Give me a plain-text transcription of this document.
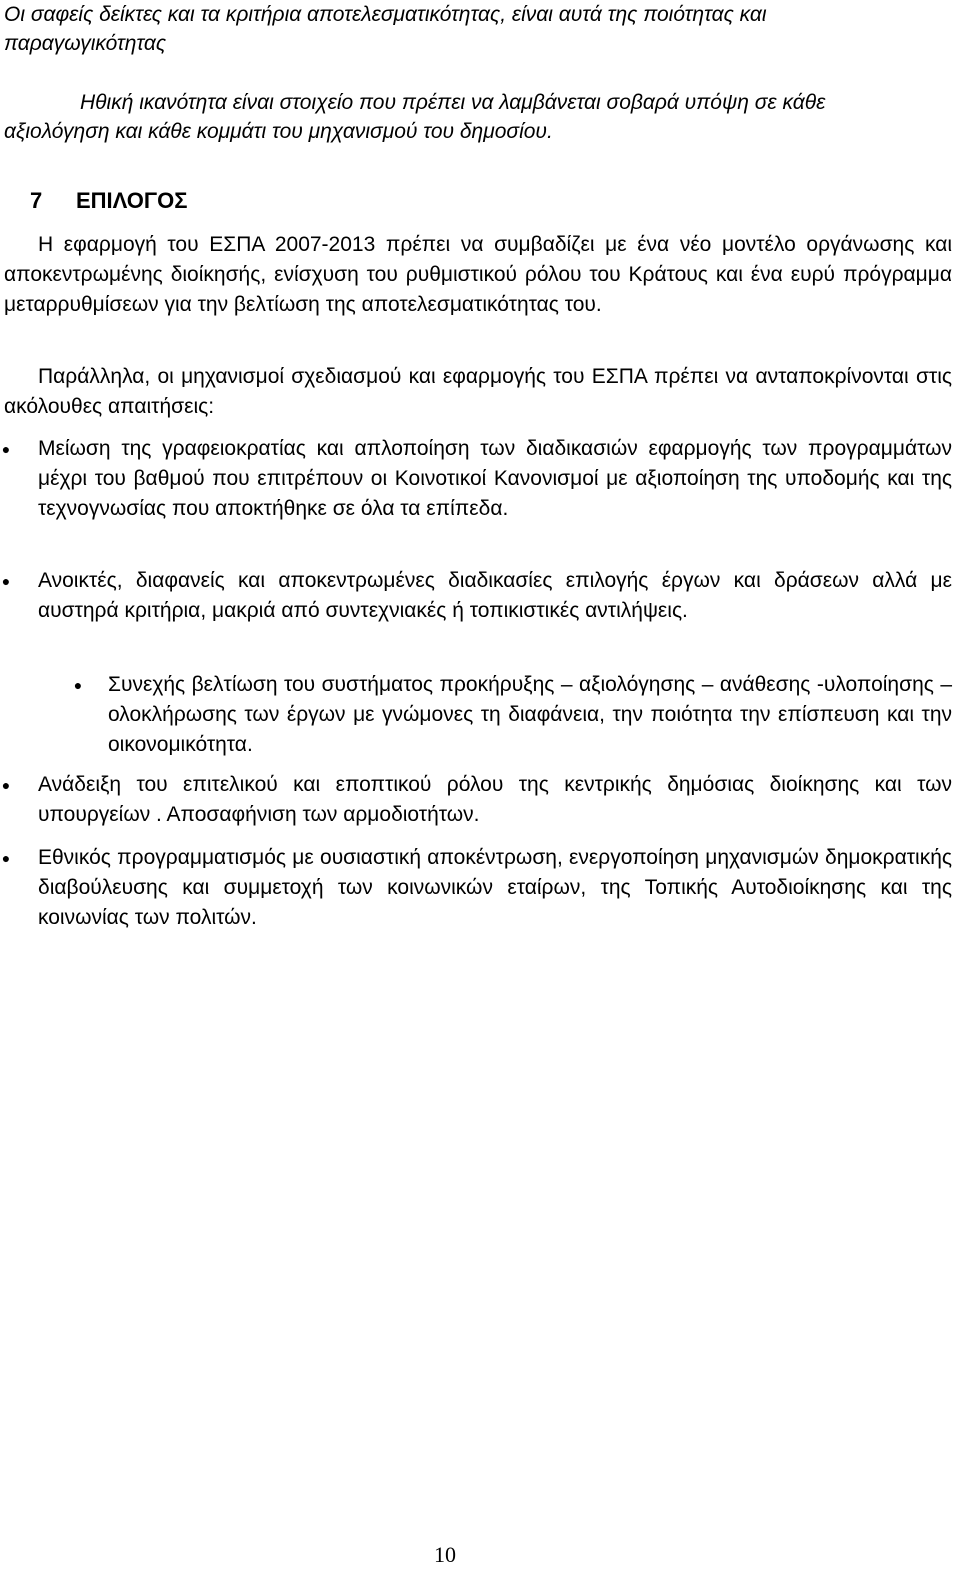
Οι σαφείς δείκτες και τα κριτήρια αποτελεσματικότητας, είναι αυτά της ποιότητας και παραγωγικότητας
Ηθική ικανότητα είναι στοιχείο που πρέπει να λαμβάνεται σοβαρά υπόψη σε κάθε αξιολόγηση και κάθε κομμάτι του μηχανισμού του δημοσίου.
7 ΕΠΙΛΟΓΟΣ
Η εφαρμογή του ΕΣΠΑ 2007-2013 πρέπει να συμβαδίζει με ένα νέο μοντέλο οργάνωσης και αποκεντρωμένης διοίκησής, ενίσχυση του ρυθμιστικού ρόλου του Κράτους και ένα ευρύ πρόγραμμα μεταρρυθμίσεων για την βελτίωση της αποτελεσματικότητας του.
Παράλληλα, οι μηχανισμοί σχεδιασμού και εφαρμογής του ΕΣΠΑ πρέπει να ανταποκρίνονται στις ακόλουθες απαιτήσεις:
● Μείωση της γραφειοκρατίας και απλοποίηση των διαδικασιών εφαρμογής των προγραμμάτων μέχρι του βαθμού που επιτρέπουν οι Κοινοτικοί Κανονισμοί με αξιοποίηση της υποδομής και της τεχνογνωσίας που αποκτήθηκε σε όλα τα επίπεδα.
● Ανοικτές, διαφανείς και αποκεντρωμένες διαδικασίες επιλογής έργων και δράσεων αλλά με αυστηρά κριτήρια, μακριά από συντεχνιακές ή τοπικιστικές αντιλήψεις.
● Συνεχής βελτίωση του συστήματος προκήρυξης – αξιολόγησης – ανάθεσης -υλοποίησης – ολοκλήρωσης των έργων με γνώμονες τη διαφάνεια, την ποιότητα την επίσπευση και την οικονομικότητα.
● Ανάδειξη του επιτελικού και εποπτικού ρόλου της κεντρικής δημόσιας διοίκησης και των υπουργείων . Αποσαφήνιση των αρμοδιοτήτων.
● Εθνικός προγραμματισμός με ουσιαστική αποκέντρωση, ενεργοποίηση μηχανισμών δημοκρατικής διαβούλευσης και συμμετοχή των κοινωνικών εταίρων, της Τοπικής Αυτοδιοίκησης και της κοινωνίας των πολιτών.
10
